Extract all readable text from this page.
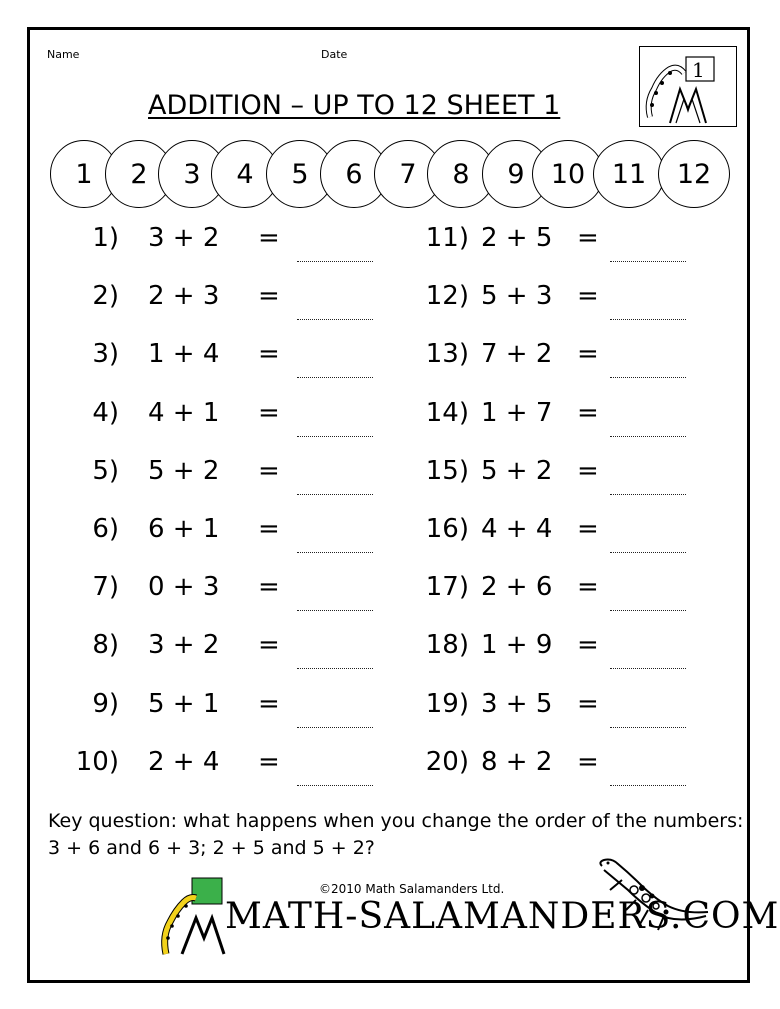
Name	Date
ADDITION – UP TO 12 SHEET 1
1
1	2	3	4	5	6	7	8	9 10 11	12
1) 3 + 2 =
2) 2 + 3 =
3) 1 + 4 =
4) 4 + 1 =
5) 5 + 2 =
6) 6 + 1 =
7) 0 + 3 =
8) 3 + 2 =
9) 5 + 1 =
10) 2 + 4 =
11) 2 + 5 =
12) 5 + 3 =
13) 7 + 2 =
14) 1 + 7 =
15) 5 + 2 =
16) 4 + 4 =
17) 2 + 6 =
18) 1 + 9 =
19) 3 + 5 =
20) 8 + 2 =
Key question: what happens when you change the order of the numbers:
3 + 6 and 6 + 3; 2 + 5 and 5 + 2?
©2010 Math Salamanders Ltd.
MATH-SALAMANDERS.COM
